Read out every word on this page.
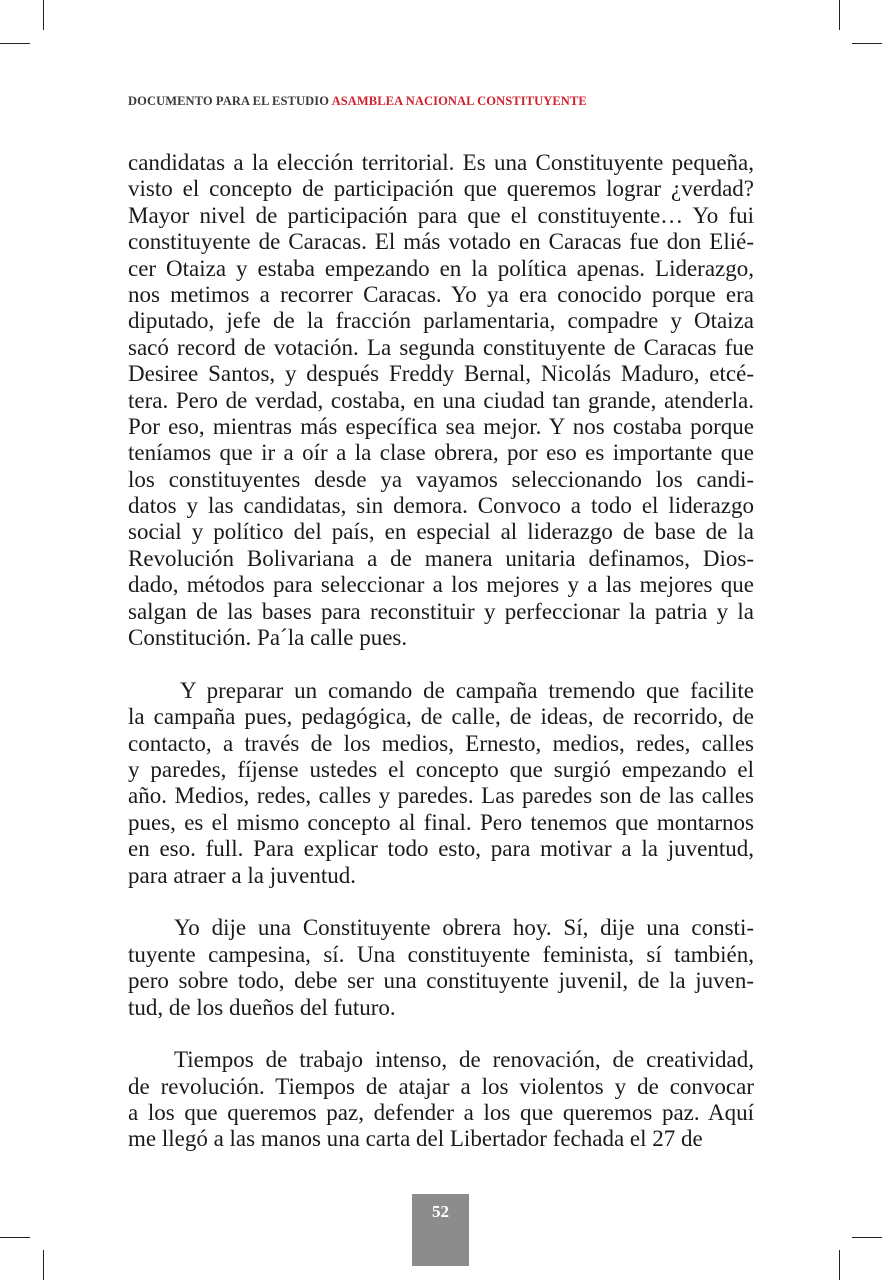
DOCUMENTO PARA EL ESTUDIO ASAMBLEA NACIONAL CONSTITUYENTE
candidatas a la elección territorial. Es una Constituyente pequeña,
visto el concepto de participación que queremos lograr ¿verdad?
Mayor nivel de participación para que el constituyente… Yo fui
constituyente de Caracas. El más votado en Caracas fue don Elié-
cer Otaiza y estaba empezando en la política apenas. Liderazgo,
nos metimos a recorrer Caracas. Yo ya era conocido porque era
diputado, jefe de la fracción parlamentaria, compadre y Otaiza
sacó record de votación. La segunda constituyente de Caracas fue
Desiree Santos, y después Freddy Bernal, Nicolás Maduro, etcé-
tera. Pero de verdad, costaba, en una ciudad tan grande, atenderla.
Por eso, mientras más específica sea mejor. Y nos costaba porque
teníamos que ir a oír a la clase obrera, por eso es importante que
los constituyentes desde ya vayamos seleccionando los candi-
datos y las candidatas, sin demora. Convoco a todo el liderazgo
social y político del país, en especial al liderazgo de base de la
Revolución Bolivariana a de manera unitaria definamos, Dios-
dado, métodos para seleccionar a los mejores y a las mejores que
salgan de las bases para reconstituir y perfeccionar la patria y la
Constitución. Pa´la calle pues.
Y preparar un comando de campaña tremendo que facilite
la campaña pues, pedagógica, de calle, de ideas, de recorrido, de
contacto, a través de los medios, Ernesto, medios, redes, calles
y paredes, fíjense ustedes el concepto que surgió empezando el
año. Medios, redes, calles y paredes. Las paredes son de las calles
pues, es el mismo concepto al final. Pero tenemos que montarnos
en eso. full. Para explicar todo esto, para motivar a la juventud,
para atraer a la juventud.
Yo dije una Constituyente obrera hoy. Sí, dije una consti-
tuyente campesina, sí. Una constituyente feminista, sí también,
pero sobre todo, debe ser una constituyente juvenil, de la juven-
tud, de los dueños del futuro.
Tiempos de trabajo intenso, de renovación, de creatividad,
de revolución. Tiempos de atajar a los violentos y de convocar
a los que queremos paz, defender a los que queremos paz. Aquí
me llegó a las manos una carta del Libertador fechada el 27 de
52
